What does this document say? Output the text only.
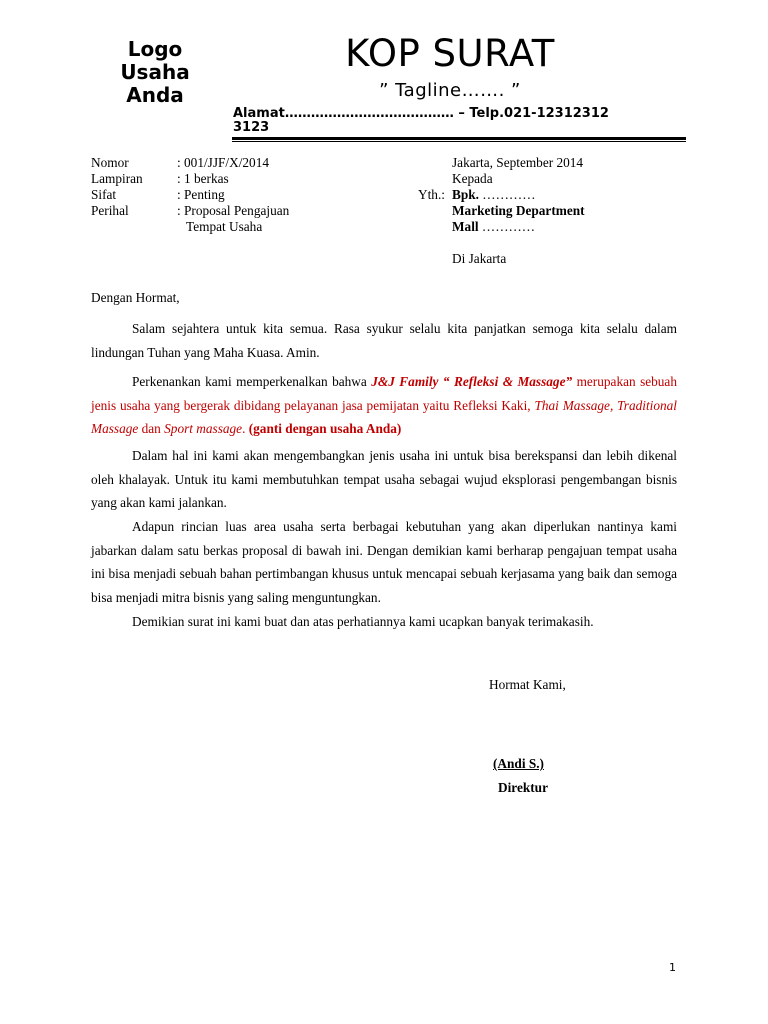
Logo
Usaha
Anda
KOP SURAT
” Tagline……. ”
Alamat………………………………… – Telp.021-123123123123
Nomor	: 001/JJF/X/2014
Lampiran	: 1 berkas
Sifat	: Penting
Perihal	: Proposal Pengajuan
Tempat Usaha
Jakarta, September 2014
Kepada
Yth.: Bpk. …………
Marketing Department
Mall …………
Di Jakarta
Dengan Hormat,
Salam sejahtera untuk kita semua. Rasa syukur selalu kita panjatkan semoga kita selalu dalam lindungan Tuhan yang Maha Kuasa. Amin.
Perkenankan kami memperkenalkan bahwa J&J Family “ Refleksi & Massage” merupakan sebuah jenis usaha yang bergerak dibidang pelayanan jasa pemijatan yaitu Refleksi Kaki, Thai Massage, Traditional Massage dan Sport massage. (ganti dengan usaha Anda)
Dalam hal ini kami akan mengembangkan jenis usaha ini untuk bisa berekspansi dan lebih dikenal oleh khalayak. Untuk itu kami membutuhkan tempat usaha sebagai wujud eksplorasi pengembangan bisnis yang akan kami jalankan.
Adapun rincian luas area usaha serta berbagai kebutuhan yang akan diperlukan nantinya kami jabarkan dalam satu berkas proposal di bawah ini. Dengan demikian kami berharap pengajuan tempat usaha ini bisa menjadi sebuah bahan pertimbangan khusus untuk mencapai sebuah kerjasama yang baik dan semoga bisa menjadi mitra bisnis yang saling menguntungkan.
Demikian surat ini kami buat dan atas perhatiannya kami ucapkan banyak terimakasih.
Hormat Kami,
(Andi S.)
Direktur
1
